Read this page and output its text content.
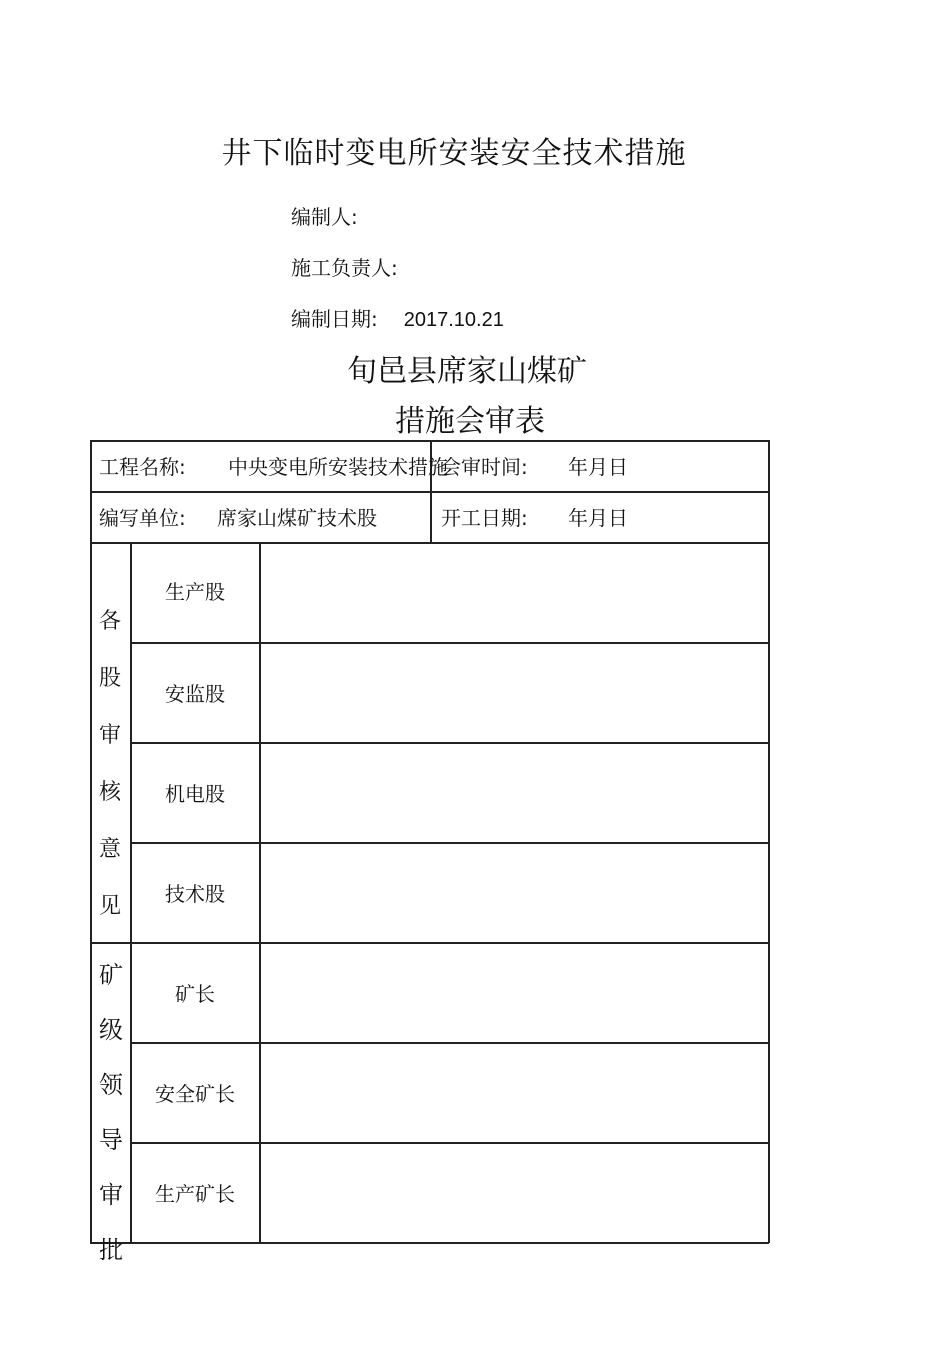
井下临时变电所安装安全技术措施
编制人:
施工负责人:
编制日期: 2017.10.21
旬邑县席家山煤矿
措施会审表
工程名称: 中央变电所安装技术措施
会审时间: 年月日
编写单位: 席家山煤矿技术股	开工日期: 年月日
各
股
审
核
意
见
生产股
安监股
机电股
技术股
矿
级
领
导
审
批
矿长
安全矿长
生产矿长
